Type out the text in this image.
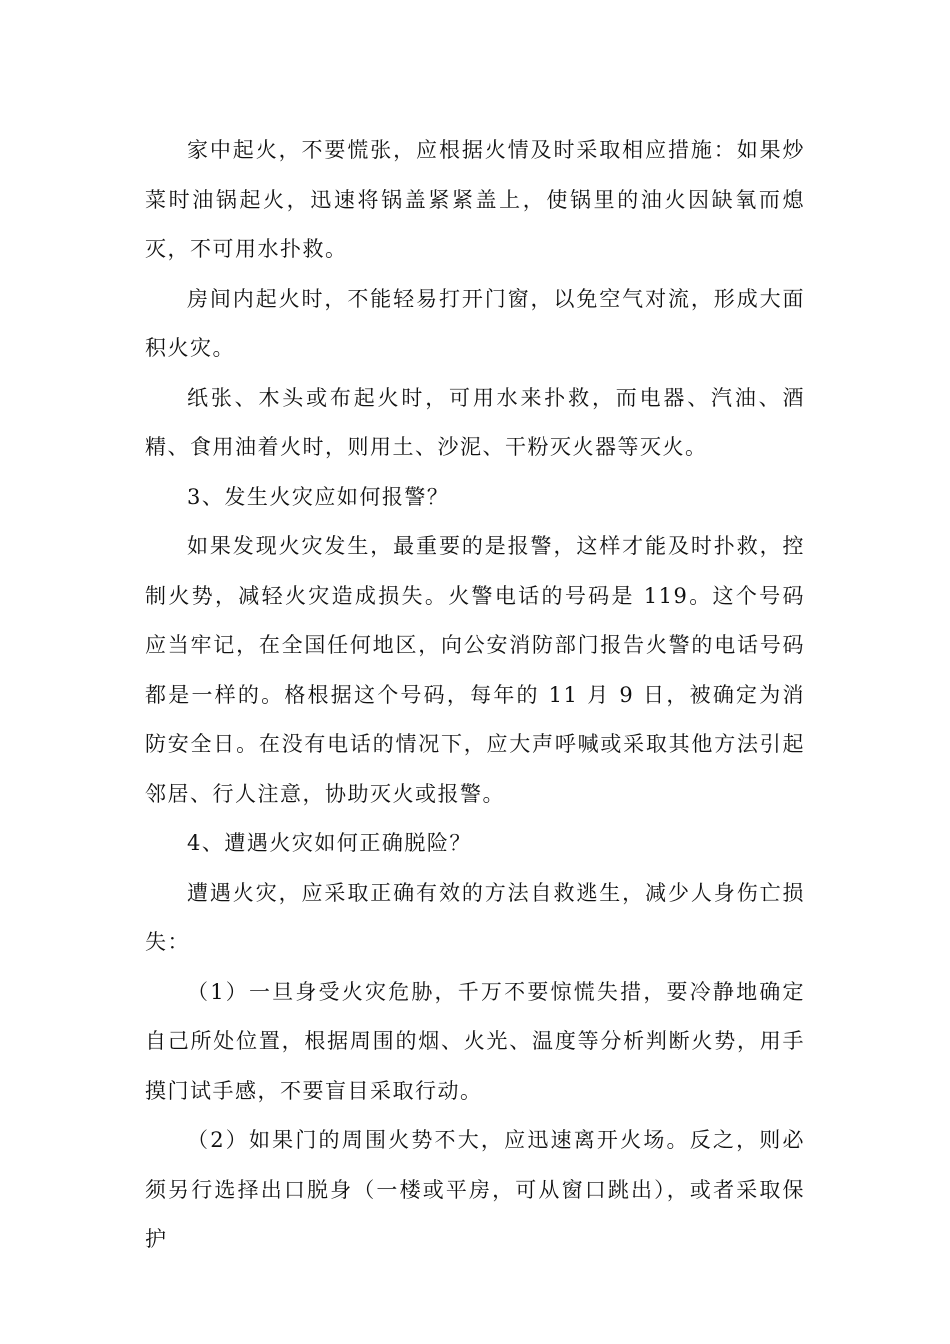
家中起火，不要慌张，应根据火情及时采取相应措施：如果炒菜时油锅起火，迅速将锅盖紧紧盖上，使锅里的油火因缺氧而熄灭，不可用水扑救。

房间内起火时，不能轻易打开门窗，以免空气对流，形成大面积火灾。

纸张、木头或布起火时，可用水来扑救，而电器、汽油、酒精、食用油着火时，则用土、沙泥、干粉灭火器等灭火。

3、发生火灾应如何报警？

如果发现火灾发生，最重要的是报警，这样才能及时扑救，控制火势，减轻火灾造成损失。火警电话的号码是 119。这个号码应当牢记，在全国任何地区，向公安消防部门报告火警的电话号码都是一样的。格根据这个号码，每年的 11 月 9 日，被确定为消防安全日。在没有电话的情况下，应大声呼喊或采取其他方法引起邻居、行人注意，协助灭火或报警。

4、遭遇火灾如何正确脱险？

遭遇火灾，应采取正确有效的方法自救逃生，减少人身伤亡损失：

（1）一旦身受火灾危胁，千万不要惊慌失措，要冷静地确定自己所处位置，根据周围的烟、火光、温度等分析判断火势，用手摸门试手感，不要盲目采取行动。

（2）如果门的周围火势不大，应迅速离开火场。反之，则必须另行选择出口脱身（一楼或平房，可从窗口跳出），或者采取保护
